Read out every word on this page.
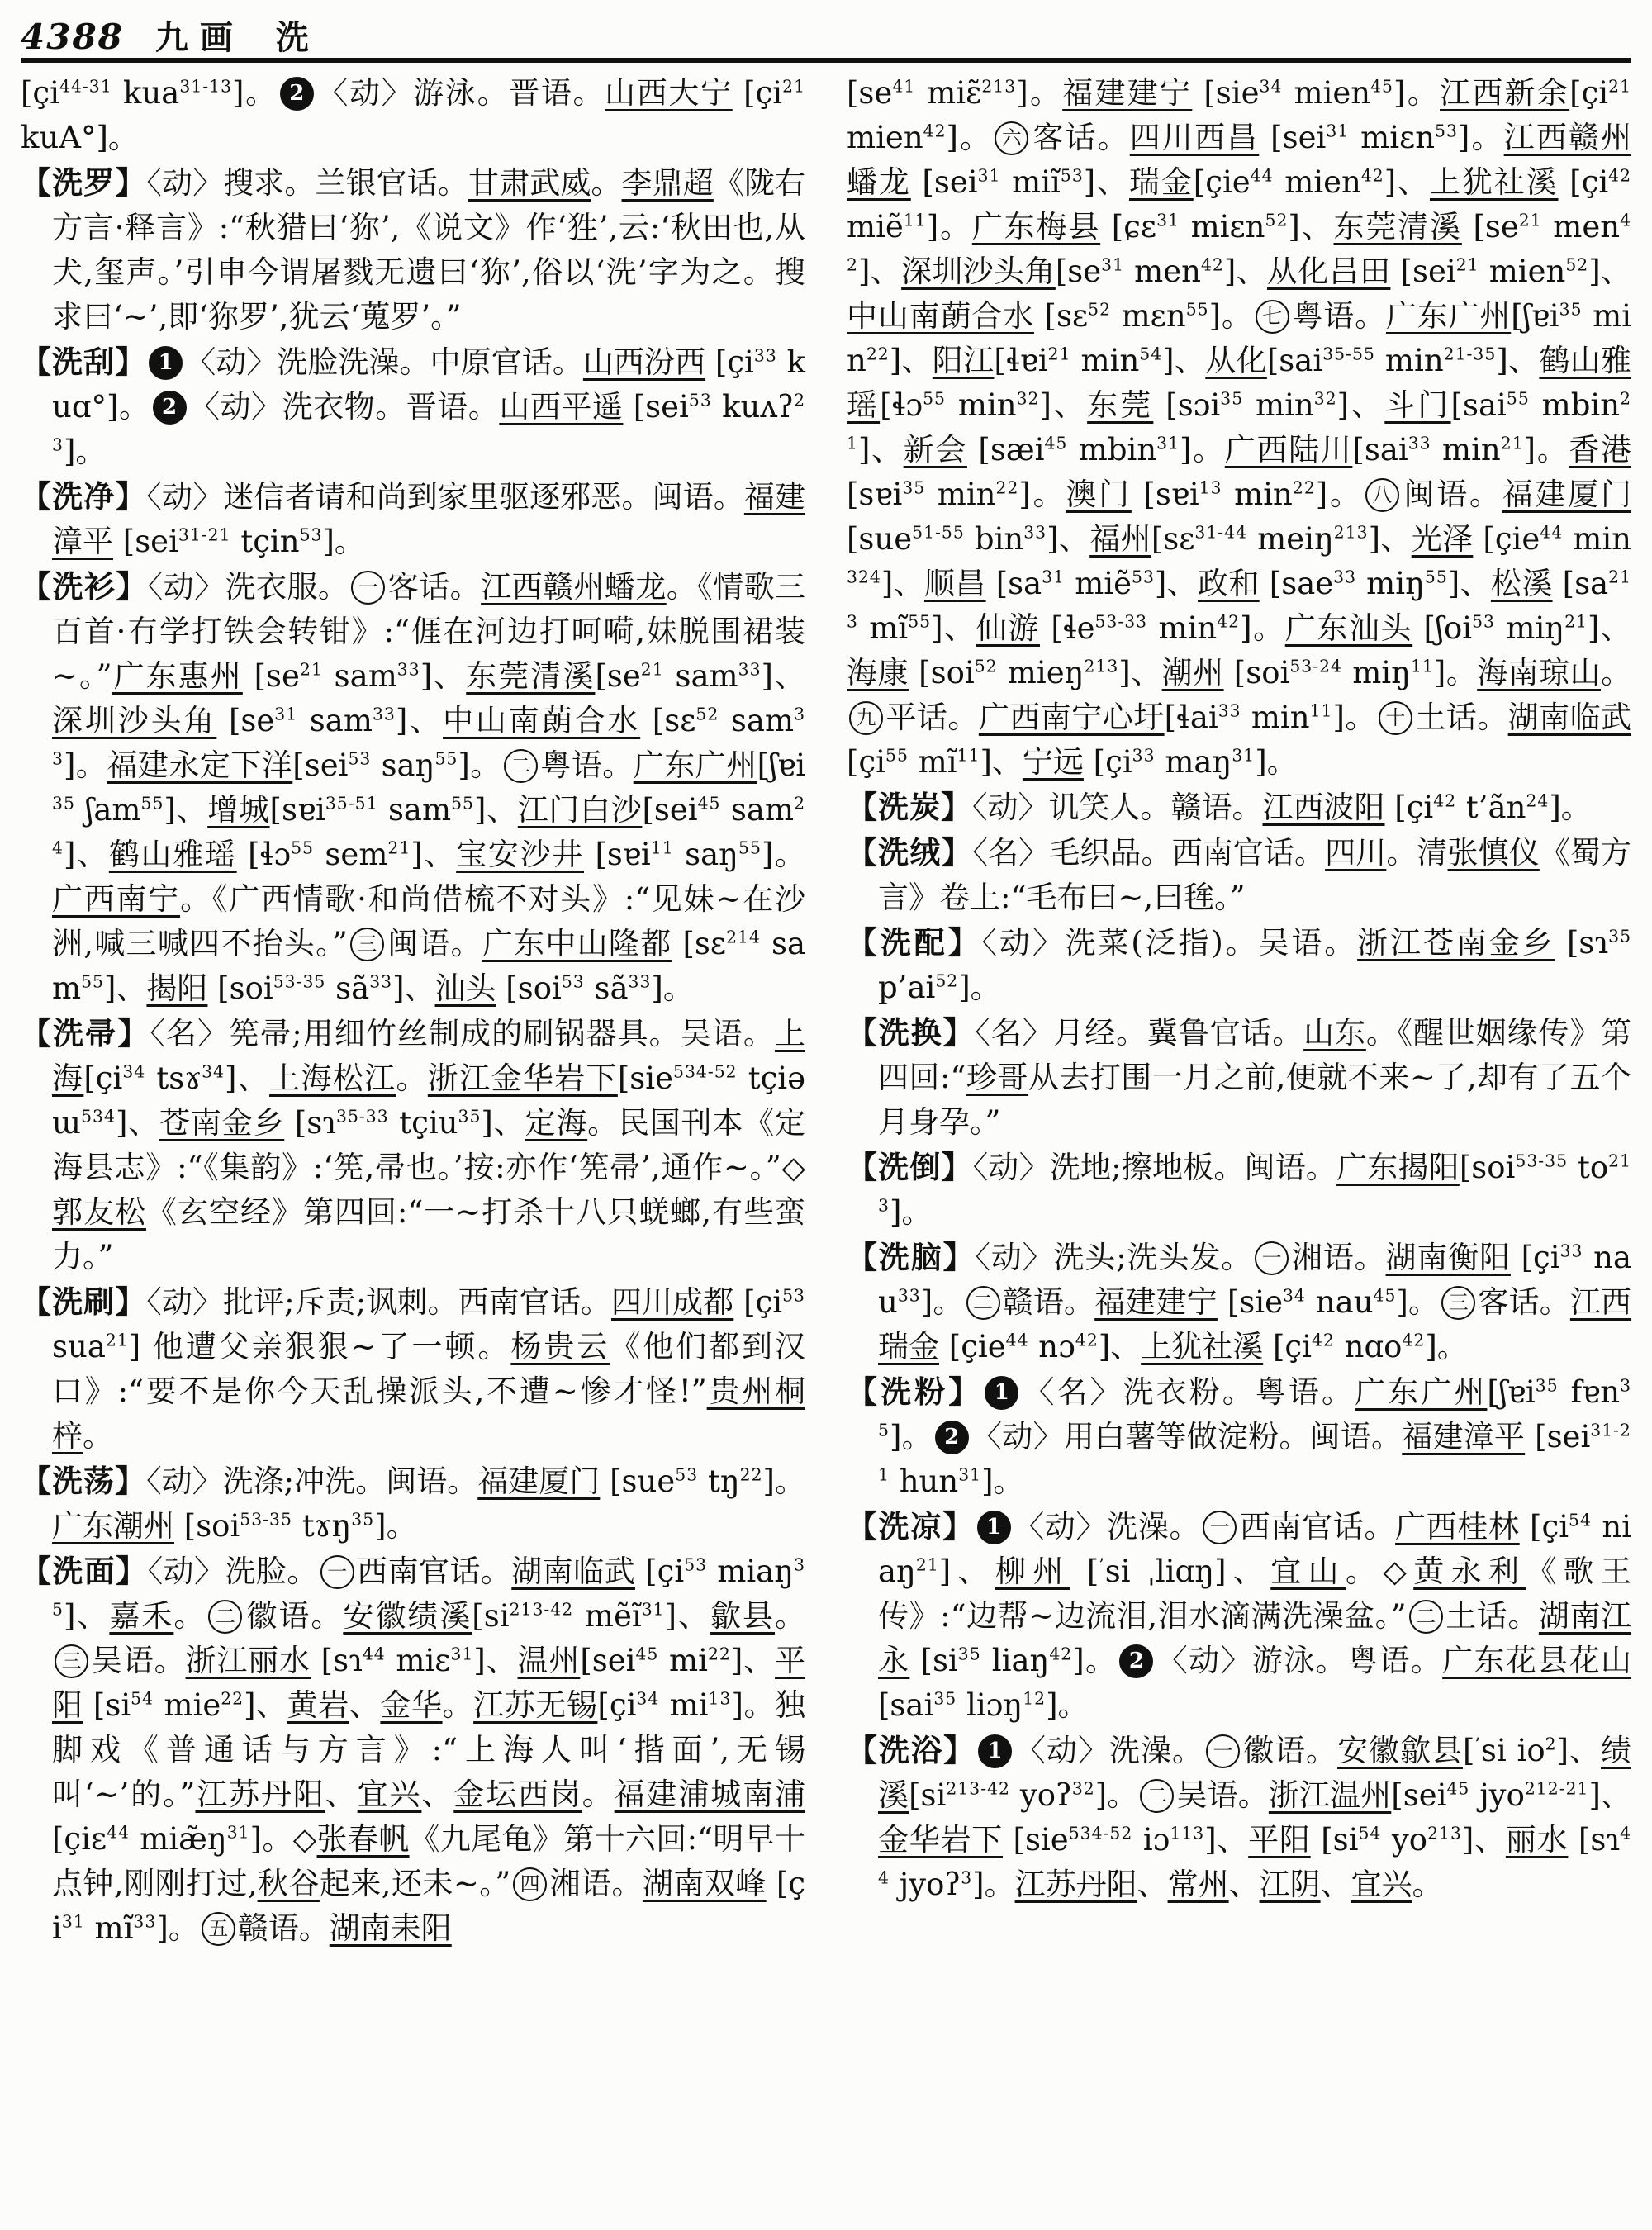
4388 九画 洗

[$çi^{44-31}$ kua$^{31-13}$]。 2 〈动〉游泳。晋语。山西大宁 [$çi^{21}$ kuA°]。

【洗罗】〈动〉搜求。兰银官话。甘肃武威。李鼎超《陇右方言·释言》:“秋猎曰‘狝’,《说文》作‘狌’,云:‘秋田也,从犬,玺声。’引申今谓屠戮无遗曰‘狝’,俗以‘洗’字为之。搜求曰‘~’,即‘狝罗’,犹云‘蒐罗’。”

【洗刮】 1 〈动〉洗脸洗澡。中原官话。山西汾西 [$çi^{33}$ kuɑ°]。 2 〈动〉洗衣物。晋语。山西平遥 [sei$^{53}$ kuʌʔ$^{23}$]。

【洗净】〈动〉迷信者请和尚到家里驱逐邪恶。闽语。福建漳平 [sei$^{31-21}$ tçin$^{53}$]。

【洗衫】〈动〉洗衣服。 一 客话。江西赣州蟠龙。《情歌三百首·冇学打铁会转钳》:“𠊎在河边打呵嗬,妹脱围裙装~。”广东惠州 [$se^{21}$ sam$^{33}$]、东莞清溪[$se^{21}$ sam$^{33}$]、深圳沙头角 [$se^{31}$ sam$^{33}$]、中山南蓢合水 [sɛ$^{52}$ sam$^{33}$]。福建永定下洋[sei$^{53}$ saŋ$^{55}$]。 二 粤语。广东广州[ʃɐi$^{35}$ ʃam$^{55}$]、增城[sɐi$^{35-51}$ sam$^{55}$]、江门白沙[sei$^{45}$ sam$^{24}$]、鹤山雅瑶 [ɬɔ$^{55}$ sem$^{21}$]、宝安沙井 [sɐi$^{11}$ saŋ$^{55}$]。广西南宁。《广西情歌·和尚借梳不对头》:“见妹~在沙洲,喊三喊四不抬头。” 三 闽语。广东中山隆都 [sɛ$^{214}$ sam$^{55}$]、揭阳 [soi$^{53-35}$ $sã^{33}$]、汕头 [soi$^{53}$ $sã^{33}$]。

【洗帚】〈名〉筅帚;用细竹丝制成的刷锅器具。吴语。上海[$çi^{34}$ tsɤ$^{34}$]、上海松江。浙江金华岩下[sie$^{534-52}$ tçiəɯ$^{534}$]、苍南金乡 [sɿ$^{35-33}$ tçiu$^{35}$]、定海。民国刊本《定海县志》:“《集韵》:‘筅,帚也。’按:亦作‘筅帚’,通作~。”◇郭友松《玄空经》第四回:“一~打杀十八只蜣螂,有些蛮力。”

【洗刷】〈动〉批评;斥责;讽刺。西南官话。四川成都 [$çi^{53}$ sua$^{21}$] 他遭父亲狠狠~了一顿。杨贵云《他们都到汉口》:“要不是你今天乱操派头,不遭~惨才怪!”贵州桐梓。

【洗荡】〈动〉洗涤;冲洗。闽语。福建厦门 [sue$^{53}$ $tŋ^{22}$]。广东潮州 [soi$^{53-35}$ tɤŋ$^{35}$]。

【洗面】〈动〉洗脸。 一 西南官话。湖南临武 [$çi^{53}$ miaŋ$^{35}$]、嘉禾。 二 徽语。安徽绩溪[$si^{213-42}$ mẽĩ$^{31}$]、歙县。三 吴语。浙江丽水 [sɿ$^{44}$ miɛ$^{31}$]、温州[sei$^{45}$ $mi^{22}$]、平阳 [$si^{54}$ mie$^{22}$]、黄岩、金华。江苏无锡[$çi^{34}$ $mi^{13}$]。独脚戏《普通话与方言》:“上海人叫‘揩面’,无锡叫‘~’的。”江苏丹阳、宜兴、金坛西岗。福建浦城南浦 [çiɛ$^{44}$ $miæ̃ŋ^{31}$]。◇张春帆《九尾龟》第十六回:“明早十点钟,刚刚打过,秋谷起来,还未~。” 四 湘语。湖南双峰 [$çi^{31}$ $mĩ^{33}$]。 五 赣语。湖南耒阳

[$se^{41}$ miɛ̃$^{213}$]。福建建宁 [sie$^{34}$ mien$^{45}$]。江西新余[$çi^{21}$ mien$^{42}$]。 六 客话。四川西昌 [sei$^{31}$ miɛn$^{53}$]。江西赣州蟠龙 [sei$^{31}$ miĩ$^{53}$]、瑞金[çie$^{44}$ mien$^{42}$]、上犹社溪 [$çi^{42}$ miẽ$^{11}$]。广东梅县 [ɕɛ$^{31}$ miɛn$^{52}$]、东莞清溪 [$se^{21}$ men$^{42}$]、深圳沙头角[$se^{31}$ men$^{42}$]、从化吕田 [sei$^{21}$ mien$^{52}$]、中山南蓢合水 [sɛ$^{52}$ mɛn$^{55}$]。 七 粤语。广东广州[ʃɐi$^{35}$ $\min^{22}$]、阳江[ɬɐi$^{21}$ $\min^{54}$]、从化[sai$^{35-55}$ $\min^{21-35}$]、鹤山雅瑶[ɬɔ$^{55}$ $\min^{32}$]、东莞 [sɔi$^{35}$ $\min^{32}$]、斗门[sai$^{55}$ mbin$^{21}$]、新会 [sæi$^{45}$ mbin$^{31}$]。广西陆川[sai$^{33}$ $\min^{21}$]。香港 [sɐi$^{35}$ $\min^{22}$]。澳门 [sɐi$^{13}$ $\min^{22}$]。 八 闽语。福建厦门 [sue$^{51-55}$ bin$^{33}$]、福州[sɛ$^{31-44}$ meiŋ$^{213}$]、光泽 [çie$^{44}$ $\min^{324}$]、顺昌 [$sa^{31}$ miẽ$^{53}$]、政和 [sae$^{33}$ miŋ$^{55}$]、松溪 [$sa^{213}$ $mĩ^{55}$]、仙游 [ɬe$^{53-33}$ $\min^{42}$]。广东汕头 [ʃoi$^{53}$ miŋ$^{21}$]、海康 [soi$^{52}$ mieŋ$^{213}$]、潮州 [soi$^{53-24}$ miŋ$^{11}$]。海南琼山。九 平话。广西南宁心圩[ɬai$^{33}$ $\min^{11}$]。 十 土话。湖南临武[$çi^{55}$ $mĩ^{11}$]、宁远 [$çi^{33}$ maŋ$^{31}$]。

【洗炭】〈动〉讥笑人。赣语。江西波阳 [$çi^{42}$ $t’ãn^{24}$]。

【洗绒】〈名〉毛织品。西南官话。四川。清张慎仪《蜀方言》卷上:“毛布曰~,曰毪。”

【洗配】〈动〉洗菜(泛指)。吴语。浙江苍南金乡 [sɿ$^{35}$ $p’ai^{52}$]。

【洗换】〈名〉月经。冀鲁官话。山东。《醒世姻缘传》第四回:“珍哥从去打围一月之前,便就不来~了,却有了五个月身孕。”

【洗倒】〈动〉洗地;擦地板。闽语。广东揭阳[soi$^{53-35}$ $to^{213}$]。

【洗脑】〈动〉洗头;洗头发。 一 湘语。湖南衡阳 [$çi^{33}$ nau$^{33}$]。 二 赣语。福建建宁 [sie$^{34}$ nau$^{45}$]。 三 客话。江西瑞金 [çie$^{44}$ nɔ$^{42}$]、上犹社溪 [$çi^{42}$ nɑo$^{42}$]。

【洗粉】 1 〈名〉洗衣粉。粤语。广东广州[ʃɐi$^{35}$ fɐn$^{35}$]。 2 〈动〉用白薯等做淀粉。闽语。福建漳平 [sei$^{31-21}$ hun$^{31}$]。

【洗凉】 1 〈动〉洗澡。 一 西南官话。广西桂林 [$çi^{54}$ niaŋ$^{21}$]、柳州 [’si ˌliɑŋ]、宜山。◇黄永利《歌王传》:“边帮~边流泪,泪水滴满洗澡盆。” 二 土话。湖南江永 [$si^{35}$ liaŋ$^{42}$]。 2 〈动〉游泳。粤语。广东花县花山[sai$^{35}$ liɔŋ$^{12}$]。

【洗浴】 1 〈动〉洗澡。 一 徽语。安徽歙县[’si $io^2$]、绩溪[$si^{213-42}$ yoʔ$^{32}$]。 二 吴语。浙江温州[sei$^{45}$ jyo$^{212-21}$]、金华岩下 [sie$^{534-52}$ iɔ$^{113}$]、平阳 [$si^{54}$ $yo^{213}$]、丽水 [sɿ$^{44}$ jyoʔ$^3$]。江苏丹阳、常州、江阴、宜兴。
